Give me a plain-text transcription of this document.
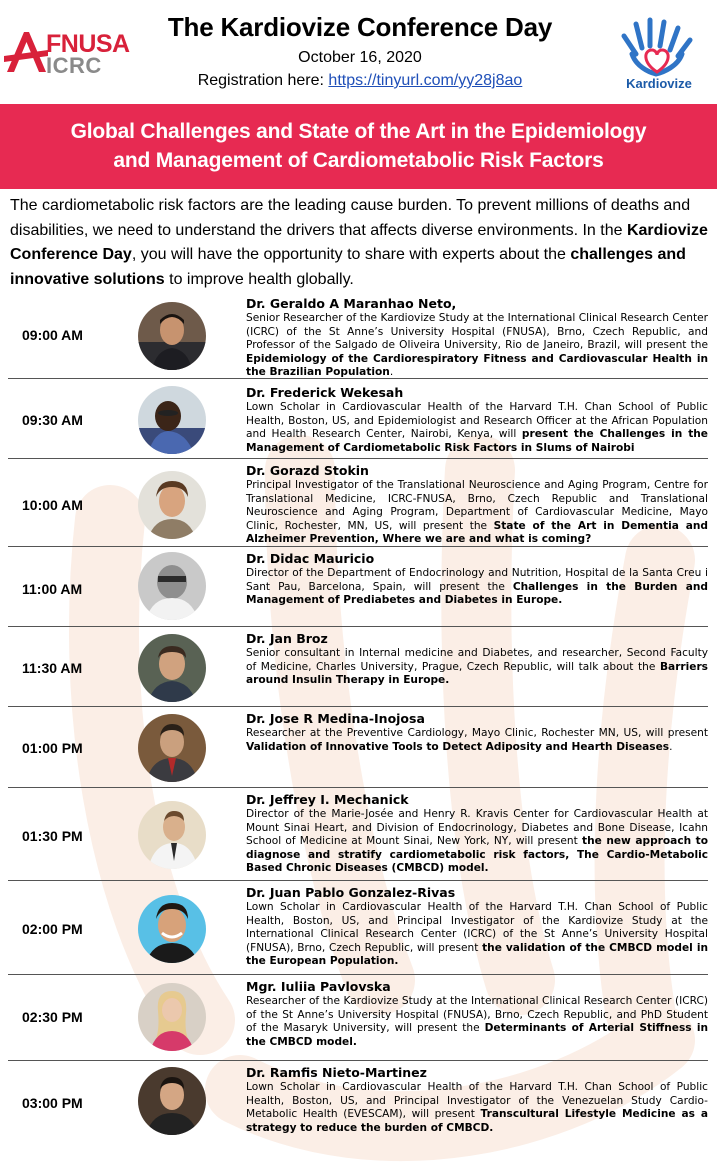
FNUSA
ICRC
The Kardiovize Conference Day
October 16, 2020
Registration here: https://tinyurl.com/yy28j8ao	Kardiovize
Global Challenges and State of the Art in the Epidemiology
and Management of Cardiometabolic Risk Factors
The cardiometabolic risk factors are the leading cause burden. To prevent millions of deaths and disabilities, we need to understand the drivers that affects diverse environments. In the Kardiovize Conference Day, you will have the opportunity to share with experts about the challenges and innovative solutions to improve health globally.
09:00 AM
Dr. Geraldo A Maranhao Neto,
Senior Researcher of the Kardiovize Study at the International Clinical Research Center (ICRC) of the St Anne’s University Hospital (FNUSA), Brno, Czech Republic, and Professor of the Salgado de Oliveira University, Rio de Janeiro, Brazil, will present the Epidemiology of the Cardiorespiratory Fitness and Cardiovascular Health in the Brazilian Population.
09:30 AM
Dr. Frederick Wekesah
Lown Scholar in Cardiovascular Health of the Harvard T.H. Chan School of Public Health, Boston, US, and Epidemiologist and Research Officer at the African Population and Health Research Center, Nairobi, Kenya, will present the Challenges in the Management of Cardiometabolic Risk Factors in Slums of Nairobi
10:00 AM
Dr. Gorazd Stokin
Principal Investigator of the Translational Neuroscience and Aging Program, Centre for Translational Medicine, ICRC-FNUSA, Brno, Czech Republic and Translational Neuroscience and Aging Program, Department of Cardiovascular Medicine, Mayo Clinic, Rochester, MN, US, will present the State of the Art in Dementia and Alzheimer Prevention, Where we are and what is coming?
11:00 AM
Dr. Didac Mauricio
Director of the Department of Endocrinology and Nutrition, Hospital de la Santa Creu i Sant Pau, Barcelona, Spain, will present the Challenges in the Burden and Management of Prediabetes and Diabetes in Europe.
11:30 AM
Dr. Jan Broz
Senior consultant in Internal medicine and Diabetes, and researcher, Second Faculty of Medicine, Charles University, Prague, Czech Republic, will talk about the Barriers around Insulin Therapy in Europe.
01:00 PM
Dr. Jose R Medina-Inojosa
Researcher at the Preventive Cardiology, Mayo Clinic, Rochester MN, US, will present Validation of Innovative Tools to Detect Adiposity and Hearth Diseases.
01:30 PM
Dr. Jeffrey I. Mechanick
Director of the Marie-Josée and Henry R. Kravis Center for Cardiovascular Health at Mount Sinai Heart, and Division of Endocrinology, Diabetes and Bone Disease, Icahn School of Medicine at Mount Sinai, New York, NY, will present the new approach to diagnose and stratify cardiometabolic risk factors, The Cardio-Metabolic Based Chronic Diseases (CMBCD) model.
02:00 PM
Dr. Juan Pablo Gonzalez-Rivas
Lown Scholar in Cardiovascular Health of the Harvard T.H. Chan School of Public Health, Boston, US, and Principal Investigator of the Kardiovize Study at the International Clinical Research Center (ICRC) of the St Anne’s University Hospital (FNUSA), Brno, Czech Republic, will present the validation of the CMBCD model in the European Population.
02:30 PM
Mgr. Iuliia Pavlovska
Researcher of the Kardiovize Study at the International Clinical Research Center (ICRC) of the St Anne’s University Hospital (FNUSA), Brno, Czech Republic, and PhD Student of the Masaryk University, will present the Determinants of Arterial Stiffness in the CMBCD model.
03:00 PM
Dr. Ramfis Nieto-Martinez
Lown Scholar in Cardiovascular Health of the Harvard T.H. Chan School of Public Health, Boston, US, and Principal Investigator of the Venezuelan Study Cardio-Metabolic Health (EVESCAM), will present Transcultural Lifestyle Medicine as a strategy to reduce the burden of CMBCD.
